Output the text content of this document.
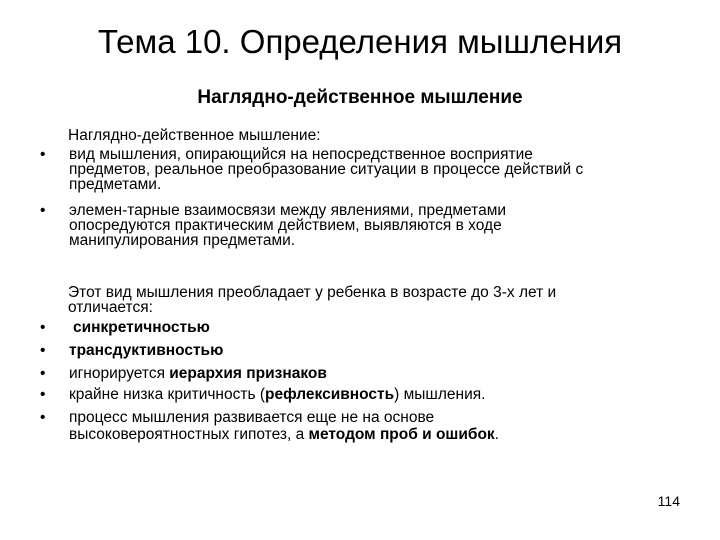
Тема 10. Определения мышления
Наглядно-действенное мышление
Наглядно-действенное мышление:
• вид мышления, опирающийся на непосредственное восприятие
предметов, реальное преобразование ситуации в процессе действий с
предметами.
• элемен-тарные взаимосвязи между явлениями, предметами
опосредуются практическим действием, выявляются в ходе
манипулирования предметами.
Этот вид мышления преобладает у ребенка в возрасте до 3-х лет и
отличается:
• синкретичностью
• трансдуктивностью
• игнорируется иерархия признаков
• крайне низка критичность (рефлексивность) мышления.
• процесс мышления развивается еще не на основе
высоковероятностных гипотез, а методом проб и ошибок.
114
